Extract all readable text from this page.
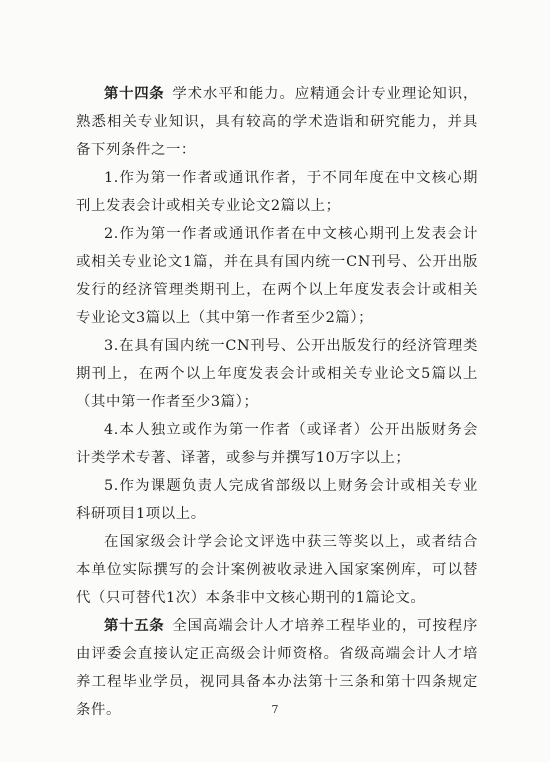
第十四条 学术水平和能力。应精通会计专业理论知识，熟悉相关专业知识，具有较高的学术造诣和研究能力，并具备下列条件之一：

1.作为第一作者或通讯作者，于不同年度在中文核心期刊上发表会计或相关专业论文2篇以上；

2.作为第一作者或通讯作者在中文核心期刊上发表会计或相关专业论文1篇，并在具有国内统一CN刊号、公开出版发行的经济管理类期刊上，在两个以上年度发表会计或相关专业论文3篇以上（其中第一作者至少2篇）；

3.在具有国内统一CN刊号、公开出版发行的经济管理类期刊上，在两个以上年度发表会计或相关专业论文5篇以上（其中第一作者至少3篇）；

4.本人独立或作为第一作者（或译者）公开出版财务会计类学术专著、译著，或参与并撰写10万字以上；

5.作为课题负责人完成省部级以上财务会计或相关专业科研项目1项以上。

在国家级会计学会论文评选中获三等奖以上，或者结合本单位实际撰写的会计案例被收录进入国家案例库，可以替代（只可替代1次）本条非中文核心期刊的1篇论文。

第十五条 全国高端会计人才培养工程毕业的，可按程序由评委会直接认定正高级会计师资格。省级高端会计人才培养工程毕业学员，视同具备本办法第十三条和第十四条规定条件。	7
